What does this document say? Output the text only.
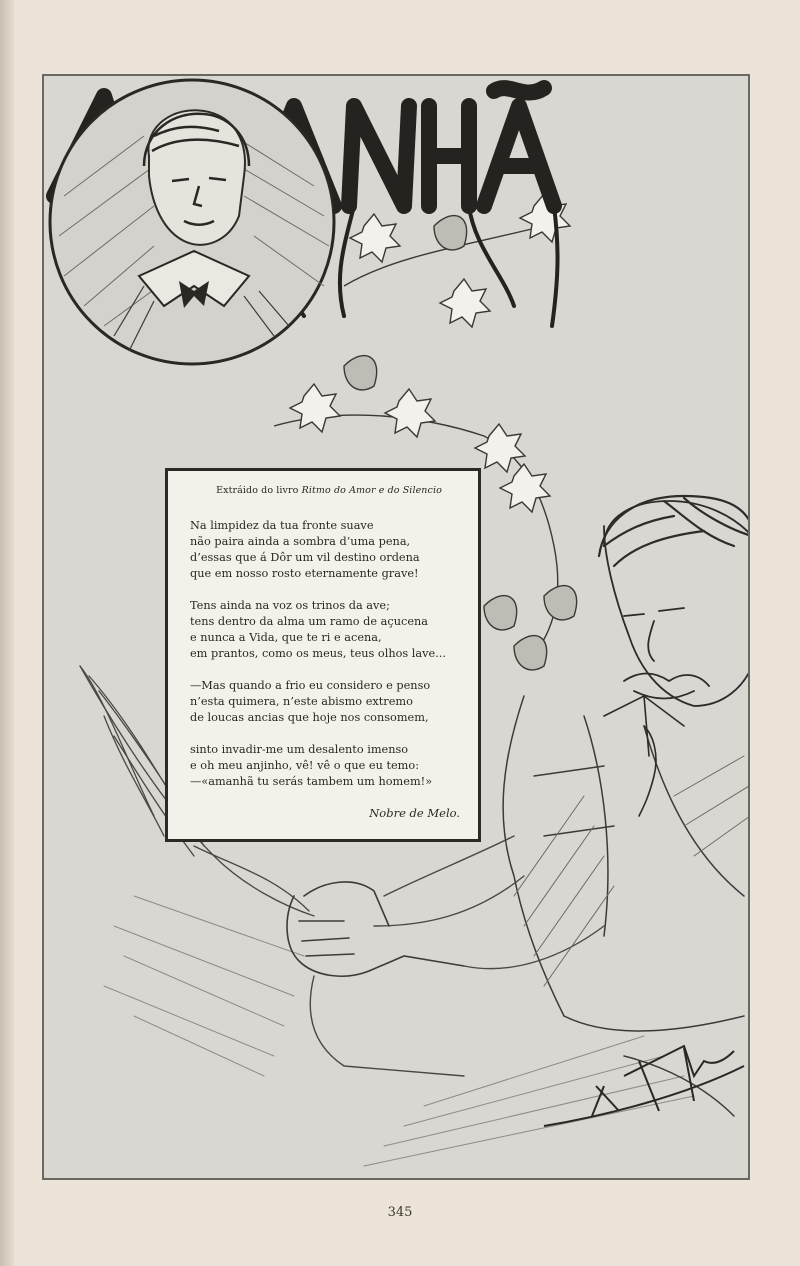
Extráido do livro Ritmo do Amor e do Silencio

Na limpidez da tua fronte suave
não paira ainda a sombra d’uma pena,
d’essas que á Dôr um vil destino ordena
que em nosso rosto eternamente grave!
Tens ainda na voz os trinos da ave;
tens dentro da alma um ramo de açucena
e nunca a Vida, que te ri e acena,
em prantos, como os meus, teus olhos lave...
—Mas quando a frio eu considero e penso
n’esta quimera, n’este abismo extremo
de loucas ancias que hoje nos consomem,
sinto invadir-me um desalento imenso
e oh meu anjinho, vê! vê o que eu temo:
—«amanhã tu serás tambem um homem!»
Nobre de Melo.
345
